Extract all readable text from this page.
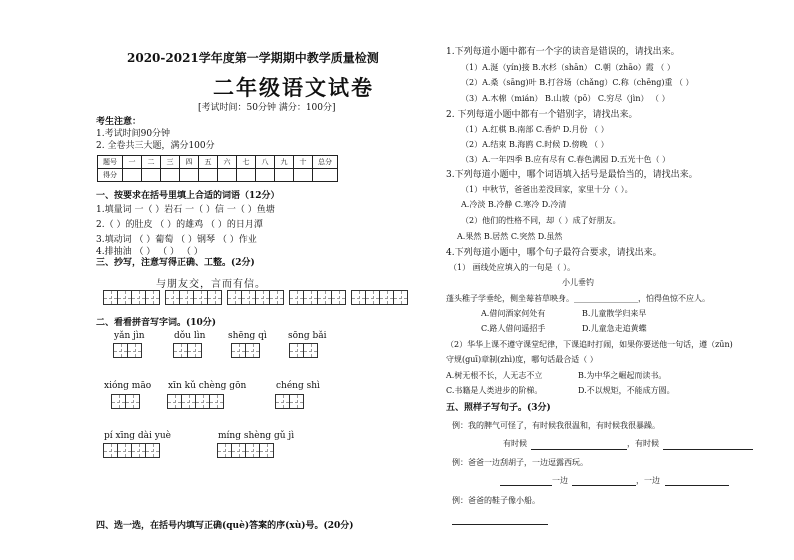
2020-2021学年度第一学期期中教学质量检测
二年级语文试卷
[考试时间：50分钟 满分：100分]
考生注意：
1.考试时间90分钟
2. 全卷共三大题，满分100分
题号	一	二	三	四	五	六	七	八	九	十	总分
得分											
一、按要求在括号里填上合适的词语（12分）
1.填量词 一（ ）岩石 一（ ）信 一（ ）鱼塘
2.（ ）的肚皮 （ ）的雄鸡 （ ）的日月潭
3.填动词 （ ）葡萄 （ ）钢琴 （ ）作业
4.排抽油 （ ） （ ） （ ）
三、抄写，注意写得正确、工整。(2分)
与朋友交，言而有信。
二、看看拼音写字词。(10分)
yǎn jìn	dǒu lìn	shēng qì sōng bǎi
xióng māo xīn kǔ chèng gōn	chéng shì
pí xīng dài yuè	míng shèng gǔ jì
四、选一选，在括号内填写正确(què)答案的序(xù)号。(20分)
1.下列每道小题中都有一个字的读音是错误的，请找出来。
（1）A.涎（yín)接 B.水杉（shān） C.朝（zhāo）霞 （ ）
（2）A.桑（sāng)叶 B.打谷场（chǎng）C.称（chēng)重 （ ）
（3）A.木棉（mián） B.山坡（pō） C.穷尽（jìn） （ ）
2. 下列每道小题中都有一个错别字，请找出来。
（1）A.红棋 B.南部 C.香炉 D.月份 （ ）
（2）A.结束 B.海鸥 C.时候 D.傍晚 （ ）
（3）A.一年四季 B.应有尽有 C.春色满园 D.五光十色（ ）
3.下列每道小题中，哪个词语填入括号是最恰当的，请找出来。
（1）中秋节，爸爸出差没回家，家里十分（ ）。
A.冷淡 B.冷静 C.寒冷 D.冷清
（2）他们的性格不同，却（ ）成了好朋友。
A.果然 B.居然 C.突然 D.虽然
4.下列每道小题中，哪个句子最符合要求，请找出来。
（1） 画线处应填入的一句是（ ）。
小儿垂钓
蓬头稚子学垂纶，侧坐莓苔草映身。________________，怕得鱼惊不应人。
A.借问酒家何处有	B.儿童散学归来早
C.路人借问遥招手	D.儿童急走追黄蝶
（2）华华上课不遵守课堂纪律，下课追时打闹，如果你要送他一句话，遵（zūn)
守规(guī)章制(zhì)度，哪句话最合适（ ）
A.树无根不长，人无志不立	B.为中华之崛起而读书。
C.书籍是人类进步的阶梯。	D.不以规矩，不能成方圆。
五、照样子写句子。(3分)
例：我的脾气可怪了，有时候我很温和，有时候我很暴躁。
有时候	，有时候
例：爸爸一边刮胡子，一边逗露西玩。
一边	，一边
例：爸爸的鞋子像小船。
